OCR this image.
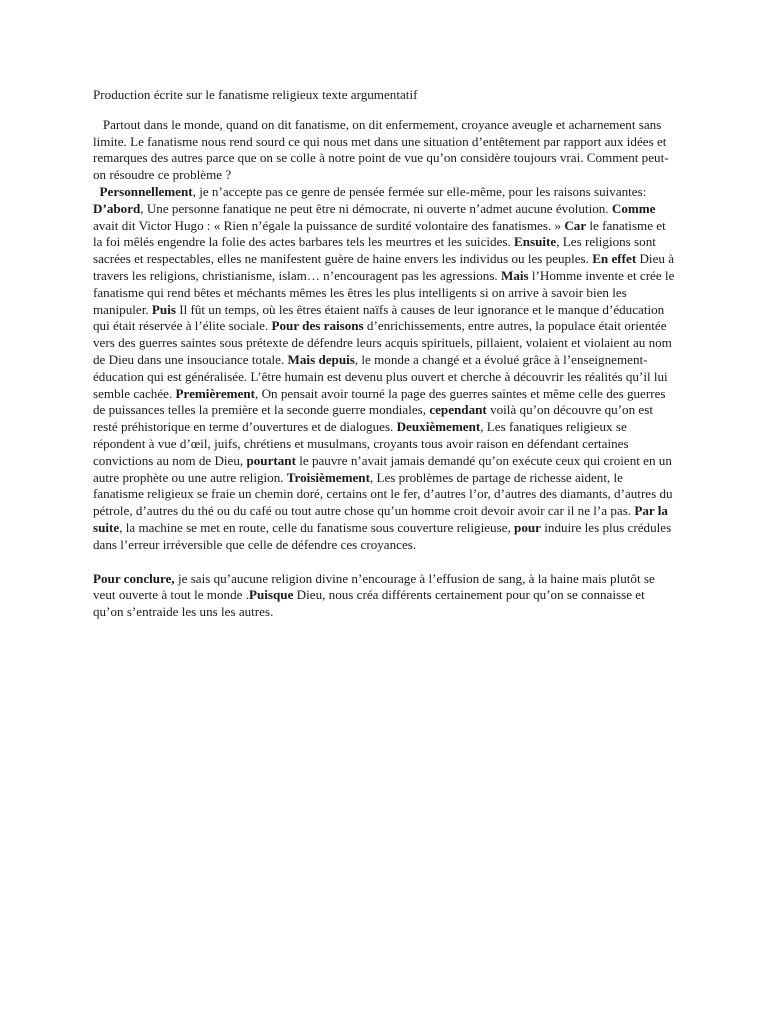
Production écrite sur le fanatisme religieux texte argumentatif

Partout dans le monde, quand on dit fanatisme, on dit enfermement, croyance aveugle et acharnement sans limite. Le fanatisme nous rend sourd ce qui nous met dans une situation d’entêtement par rapport aux idées et remarques des autres parce que on se colle à notre point de vue qu’on considère toujours vrai. Comment peut-on résoudre ce problème ?

Personnellement, je n’accepte pas ce genre de pensée fermée sur elle-même, pour les raisons suivantes: D’abord, Une personne fanatique ne peut être ni démocrate, ni ouverte n’admet aucune évolution. Comme avait dit Victor Hugo : « Rien n’égale la puissance de surdité volontaire des fanatismes. » Car le fanatisme et la foi mêlés engendre la folie des actes barbares tels les meurtres et les suicides. Ensuite, Les religions sont sacrées et respectables, elles ne manifestent guère de haine envers les individus ou les peuples. En effet Dieu à travers les religions, christianisme, islam… n’encouragent pas les agressions. Mais l’Homme invente et crée le fanatisme qui rend bêtes et méchants mêmes les êtres les plus intelligents si on arrive à savoir bien les manipuler. Puis Il fût un temps, où les êtres étaient naïfs à causes de leur ignorance et le manque d’éducation qui était réservée à l’élite sociale. Pour des raisons d’enrichissements, entre autres, la populace était orientée vers des guerres saintes sous prétexte de défendre leurs acquis spirituels, pillaient, volaient et violaient au nom de Dieu dans une insouciance totale. Mais depuis, le monde a changé et a évolué grâce à l’enseignement-éducation qui est généralisée. L’être humain est devenu plus ouvert et cherche à découvrir les réalités qu’il lui semble cachée. Premièrement, On pensait avoir tourné la page des guerres saintes et même celle des guerres de puissances telles la première et la seconde guerre mondiales, cependant voilà qu’on découvre qu’on est resté préhistorique en terme d’ouvertures et de dialogues. Deuxièmement, Les fanatiques religieux se répondent à vue d’œil, juifs, chrétiens et musulmans, croyants tous avoir raison en défendant certaines convictions au nom de Dieu, pourtant le pauvre n’avait jamais demandé qu’on exécute ceux qui croient en un autre prophète ou une autre religion. Troisièmement, Les problèmes de partage de richesse aident, le fanatisme religieux se fraie un chemin doré, certains ont le fer, d’autres l’or, d’autres des diamants, d’autres du pétrole, d’autres du thé ou du café ou tout autre chose qu’un homme croit devoir avoir car il ne l’a pas. Par la suite, la machine se met en route, celle du fanatisme sous couverture religieuse, pour induire les plus crédules dans l’erreur irréversible que celle de défendre ces croyances.

Pour conclure, je sais qu’aucune religion divine n’encourage à l’effusion de sang, à la haine mais plutôt se veut ouverte à tout le monde .Puisque Dieu, nous créa différents certainement pour qu’on se connaisse et qu’on s’entraide les uns les autres.
